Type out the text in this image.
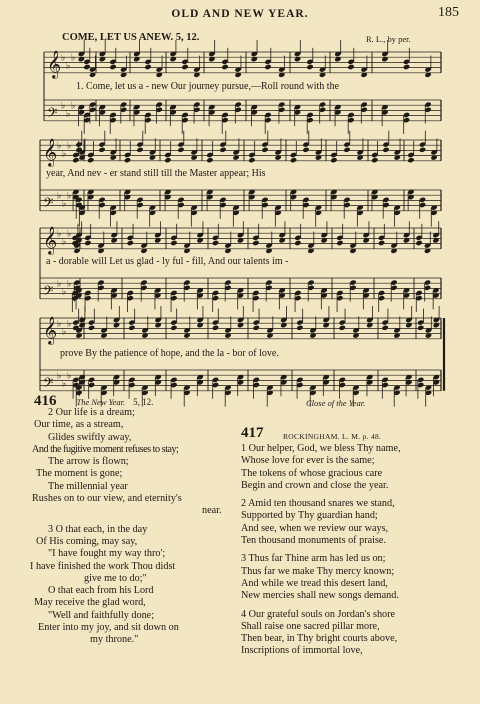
OLD AND NEW YEAR.	185
COME, LET US ANEW. 5, 12.	R. L., by per.
𝄞 ♭
♭
♭
𝄢 ♭
♭
♭
𝄞 ♭
♭
♭
𝄢 ♭
♭
♭
𝄞 ♭
♭
♭
𝄢 ♭
♭
♭
𝄞 ♭
♭
♭
𝄢 ♭
♭
♭
1. Come, let us a - new Our journey pursue,—Roll round with the
year, And nev - er stand still till the Master appear; His
a - dorable will Let us glad - ly ful - fill, And our talents im -
prove By the patience of hope, and the la - bor of love.
416 The New Year. 5, 12.
2 Our life is a dream;
Our time, as a stream,
Glides swiftly away,
And the fugitive moment refuses to stay;
The arrow is flown;
The moment is gone;
The millennial year
Rushes on to our view, and eternity's
near.
3 O that each, in the day
Of His coming, may say,
"I have fought my way thro';
I have finished the work Thou didst
give me to do;"
O that each from his Lord
May receive the glad word,
"Well and faithfully done;
Enter into my joy, and sit down on
my throne."
Close of the Year.
417	ROCKINGHAM. L. M. p. 48.
1 Our helper, God, we bless Thy name,
Whose love for ever is the same;
The tokens of whose gracious care
Begin and crown and close the year.
2 Amid ten thousand snares we stand,
Supported by Thy guardian hand;
And see, when we review our ways,
Ten thousand monuments of praise.
3 Thus far Thine arm has led us on;
Thus far we make Thy mercy known;
And while we tread this desert land,
New mercies shall new songs demand.
4 Our grateful souls on Jordan's shore
Shall raise one sacred pillar more,
Then bear, in Thy bright courts above,
Inscriptions of immortal love,
